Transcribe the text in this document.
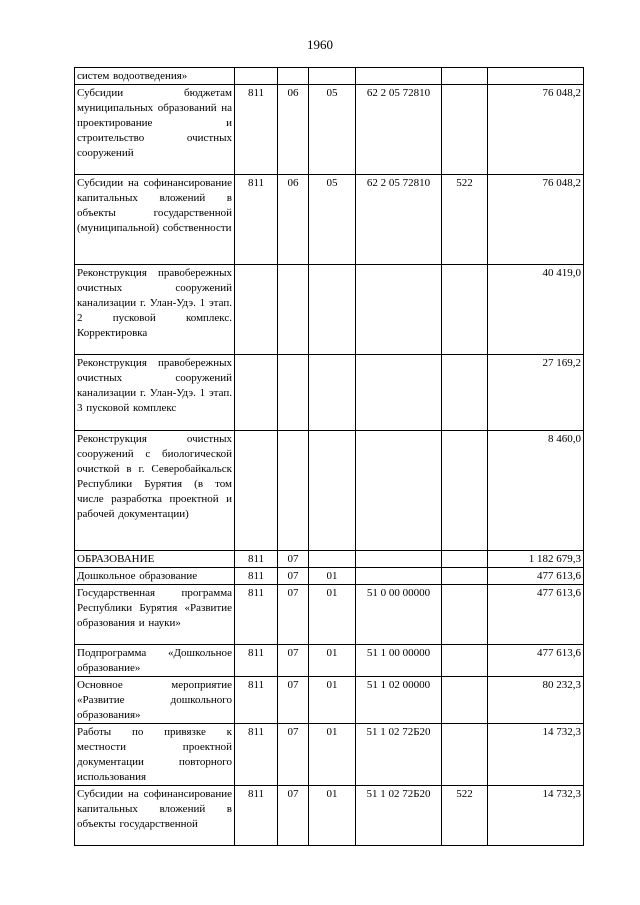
1960
систем водоотведения»						
Субсидии бюджетам муниципальных образований на проектирование и строительство очистных сооружений	811	06	05	62 2 05 72810		76 048,2
Субсидии на софинансирование капитальных вложений в объекты государственной (муниципальной) собственности	811	06	05	62 2 05 72810	522	76 048,2
Реконструкция правобережных очистных сооружений канализации г. Улан-Удэ. 1 этап. 2 пусковой комплекс. Корректировка						40 419,0
Реконструкция правобережных очистных сооружений канализации г. Улан-Удэ. 1 этап. 3 пусковой комплекс						27 169,2
Реконструкция очистных сооружений с биологической очисткой в г. Северобайкальск Республики Бурятия (в том числе разработка проектной и рабочей документации)						8 460,0
ОБРАЗОВАНИЕ	811	07				1 182 679,3
Дошкольное образование	811	07	01			477 613,6
Государственная программа Республики Бурятия «Развитие образования и науки»	811	07	01	51 0 00 00000		477 613,6
Подпрограмма «Дошкольное образование»	811	07	01	51 1 00 00000		477 613,6
Основное мероприятие «Развитие дошкольного образования»	811	07	01	51 1 02 00000		80 232,3
Работы по привязке к местности проектной документации повторного использования	811	07	01	51 1 02 72Б20		14 732,3
Субсидии на софинансирование капитальных вложений в объекты государственной	811	07	01	51 1 02 72Б20	522	14 732,3
